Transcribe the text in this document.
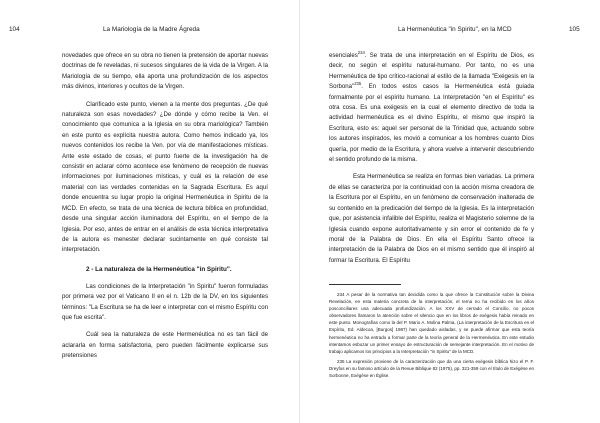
104	La Mariología de la Madre Ágreda

novedades que ofrece en su obra no tienen la pretensión de aportar nuevas doctrinas de fe reveladas, ni sucesos singulares de la vida de la Virgen. A la Mariología de su tiempo, ella aporta una profundización de los aspectos más divinos, interiores y ocultos de la Virgen.

Clarificado este punto, vienen a la mente dos preguntas. ¿De qué naturaleza son esas novedades? ¿De dónde y cómo recibe la Ven. el conocimiento que comunica a la Iglesia en su obra mariológica? También en este punto es explícita nuestra autora. Como hemos indicado ya, los nuevos contenidos los recibe la Ven. por vía de manifestaciones místicas. Ante este estado de cosas, el punto fuerte de la investigación ha de consistir en aclarar cómo acontece ese fenómeno de recepción de nuevas informaciones por iluminaciones místicas, y cuál es la relación de ese material con las verdades contenidas en la Sagrada Escritura. Es aquí donde encuentra su lugar propio la original Hermenéutica in Spiritu de la MCD. En efecto, se trata de una técnica de lectura bíblica en profundidad, desde una singular acción iluminadora del Espíritu, en el tiempo de la Iglesia. Por eso, antes de entrar en el análisis de esta técnica interpretativa de la autora es menester declarar sucintamente en qué consiste tal interpretación.

2 - La naturaleza de la Hermenéutica "in Spiritu".

Las condiciones de la Interpretación "in Spiritu" fueron formuladas por primera vez por el Vaticano II en el n. 12b de la DV, en los siguientes términos: "La Escritura se ha de leer e interpretar con el mismo Espíritu con que fue escrita".

Cuál sea la naturaleza de este Hermenéutica no es tan fácil de aclararla en forma satisfactoria, pero pueden fácilmente explicarse sus pretensiones

La Hermenéutica "in Spiritu", en la MCD	105

esenciales$^{234}$. Se trata de una interpretación en el Espíritu de Dios, es decir, no según el espíritu natural-humano. Por tanto, no es una Hermenéutica de tipo crítico-racional al estilo de la llamada "Exégesis en la Sorbona"$^{235}$. En todos estos casos la Hermenéutica está guiada formalmente por el espíritu humano. La Interpretación "en el Espíritu" es otra cosa. Es una exégesis en la cual el elemento directivo de toda la actividad hermenéutica es el divino Espíritu, el mismo que inspiró la Escritura, esto es: aquel ser personal de la Trinidad que, actuando sobre los autores inspirados, les movió a comunicar a los hombres cuanto Dios quería, por medio de la Escritura, y ahora vuelve a intervenir descubriendo el sentido profundo de la misma.

Esta Hermenéutica se realiza en formas bien variadas. La primera de ellas se caracteriza por la continuidad con la acción misma creadora de la Escritura por el Espíritu, en un fenómeno de conservación inalterada de su contenido en la predicación del tiempo de la Iglesia. Es la interpretación que, por asistencia infalible del Espíritu, realiza el Magisterio solemne de la Iglesia cuando expone autoritativamente y sin error el contenido de fe y moral de la Palabra de Dios. En ella el Espíritu Santo ofrece la interpretación de la Palabra de Dios en el mismo sentido que él inspiró al formar la Escritura. El Espíritu

234 A pesar de la normativa tan decidida como la que ofrece la Constitución sobre la Divina Revelación, en esta materia concreta de la interpretación, el tema no ha recibido en los años posconciliares una adecuada profundización. A los XXV de cerrado el Concilio, no pocos observadores llamaron la atención sobre el silencio que en los libros de exégesis había reinado en este punto. Monografías como la del P. Mario A. Molina Palma, (La interpretación de la Escritura en el Espíritu, Ed. Aldecoa, [Burgos] 1987) han quedado aisladas, y se puede afirmar que esta teoría hermenéutica no ha entrado a formar parte de la teoría general de la Hermenéutica. En este estudio intentamos esbozar un primer ensayo de estructuración de semejante interpretación. En el motivo de trabajo aplicamos los principios a la Interpretación "in Spiritu" de la MCD.

235 La expresión proviene de la caracterización que da una cierta exégesis bíblica hizo el P. F. Dreyfus en su famoso artículo de la Revue Biblique 82 (1975), pp. 321-359 con el título de Exégèse en Sorbonne, Exégèse en Église.
